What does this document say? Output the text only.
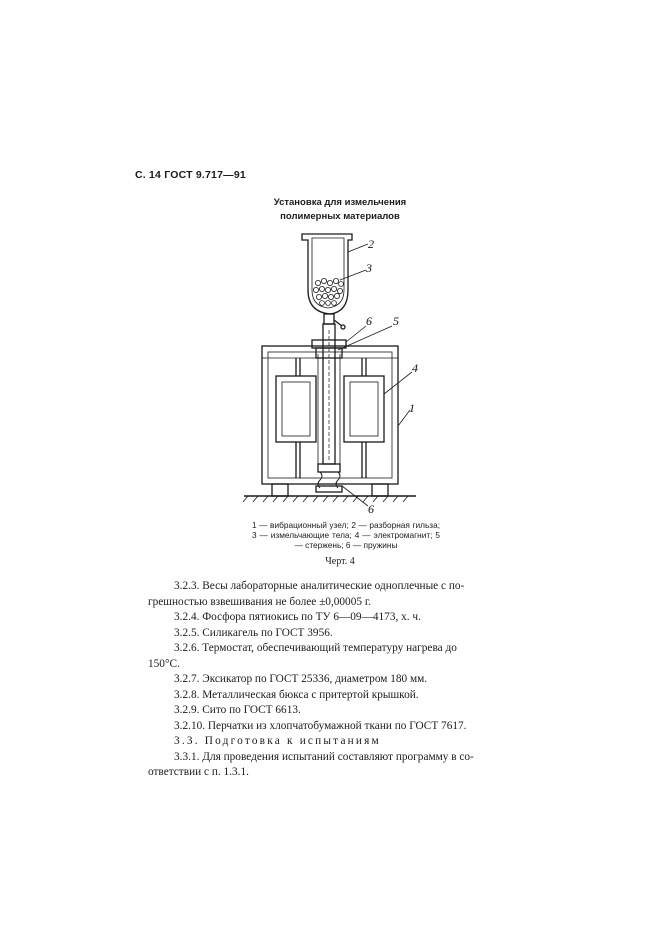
С. 14 ГОСТ 9.717—91
Установка для измельчения
полимерных материалов
2
3
6 5
4
1
6
1 — вибрационный узел; 2 — разборная гильза; 3 — измельчающие тела; 4 — электромагнит; 5 — стержень; 6 — пружины
Черт. 4

3.2.3. Весы лабораторные аналитические одноплечные с по-

грешностью взвешивания не более ±0,00005 г.

3.2.4. Фосфора пятиокись по ТУ 6—09—4173, х. ч.

3.2.5. Силикагель по ГОСТ 3956.

3.2.6. Термостат, обеспечивающий температуру нагрева до

150°С.

3.2.7. Эксикатор по ГОСТ 25336, диаметром 180 мм.

3.2.8. Металлическая бюкса с притертой крышкой.

3.2.9. Сито по ГОСТ 6613.

3.2.10. Перчатки из хлопчатобумажной ткани по ГОСТ 7617.

3.3. Подготовка к испытаниям

3.3.1. Для проведения испытаний составляют программу в со-

ответствии с п. 1.3.1.
